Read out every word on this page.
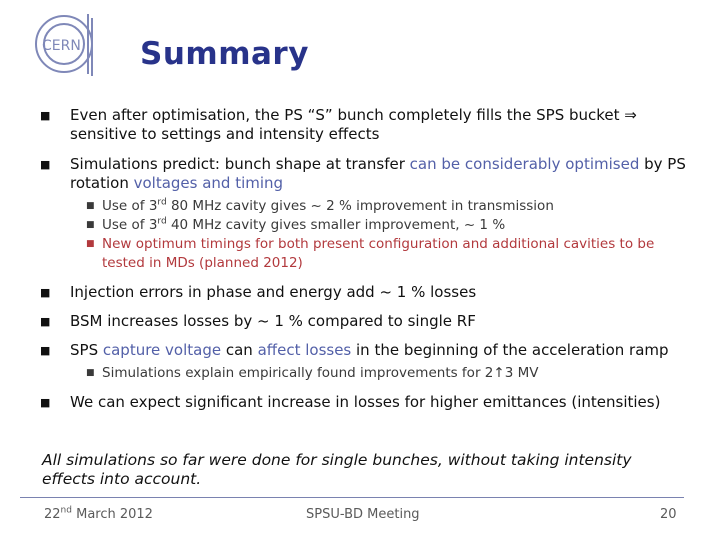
CERN Summary
■ Even after optimisation, the PS “S” bunch completely fills the SPS bucket ⇒ sensitive to settings and intensity effects
■ Simulations predict: bunch shape at transfer can be considerably optimised by PS rotation voltages and timing
■ Use of 3rd 80 MHz cavity gives ~ 2 % improvement in transmission
■ Use of 3rd 40 MHz cavity gives smaller improvement, ~ 1 %
■ New optimum timings for both present configuration and additional cavities to be tested in MDs (planned 2012)
■ Injection errors in phase and energy add ~ 1 % losses
■ BSM increases losses by ~ 1 % compared to single RF
■ SPS capture voltage can affect losses in the beginning of the acceleration ramp
■ Simulations explain empirically found improvements for 2↑3 MV
■ We can expect significant increase in losses for higher emittances (intensities)
All simulations so far were done for single bunches, without taking intensity effects into account.
22nd March 2012	SPSU-BD Meeting	20
